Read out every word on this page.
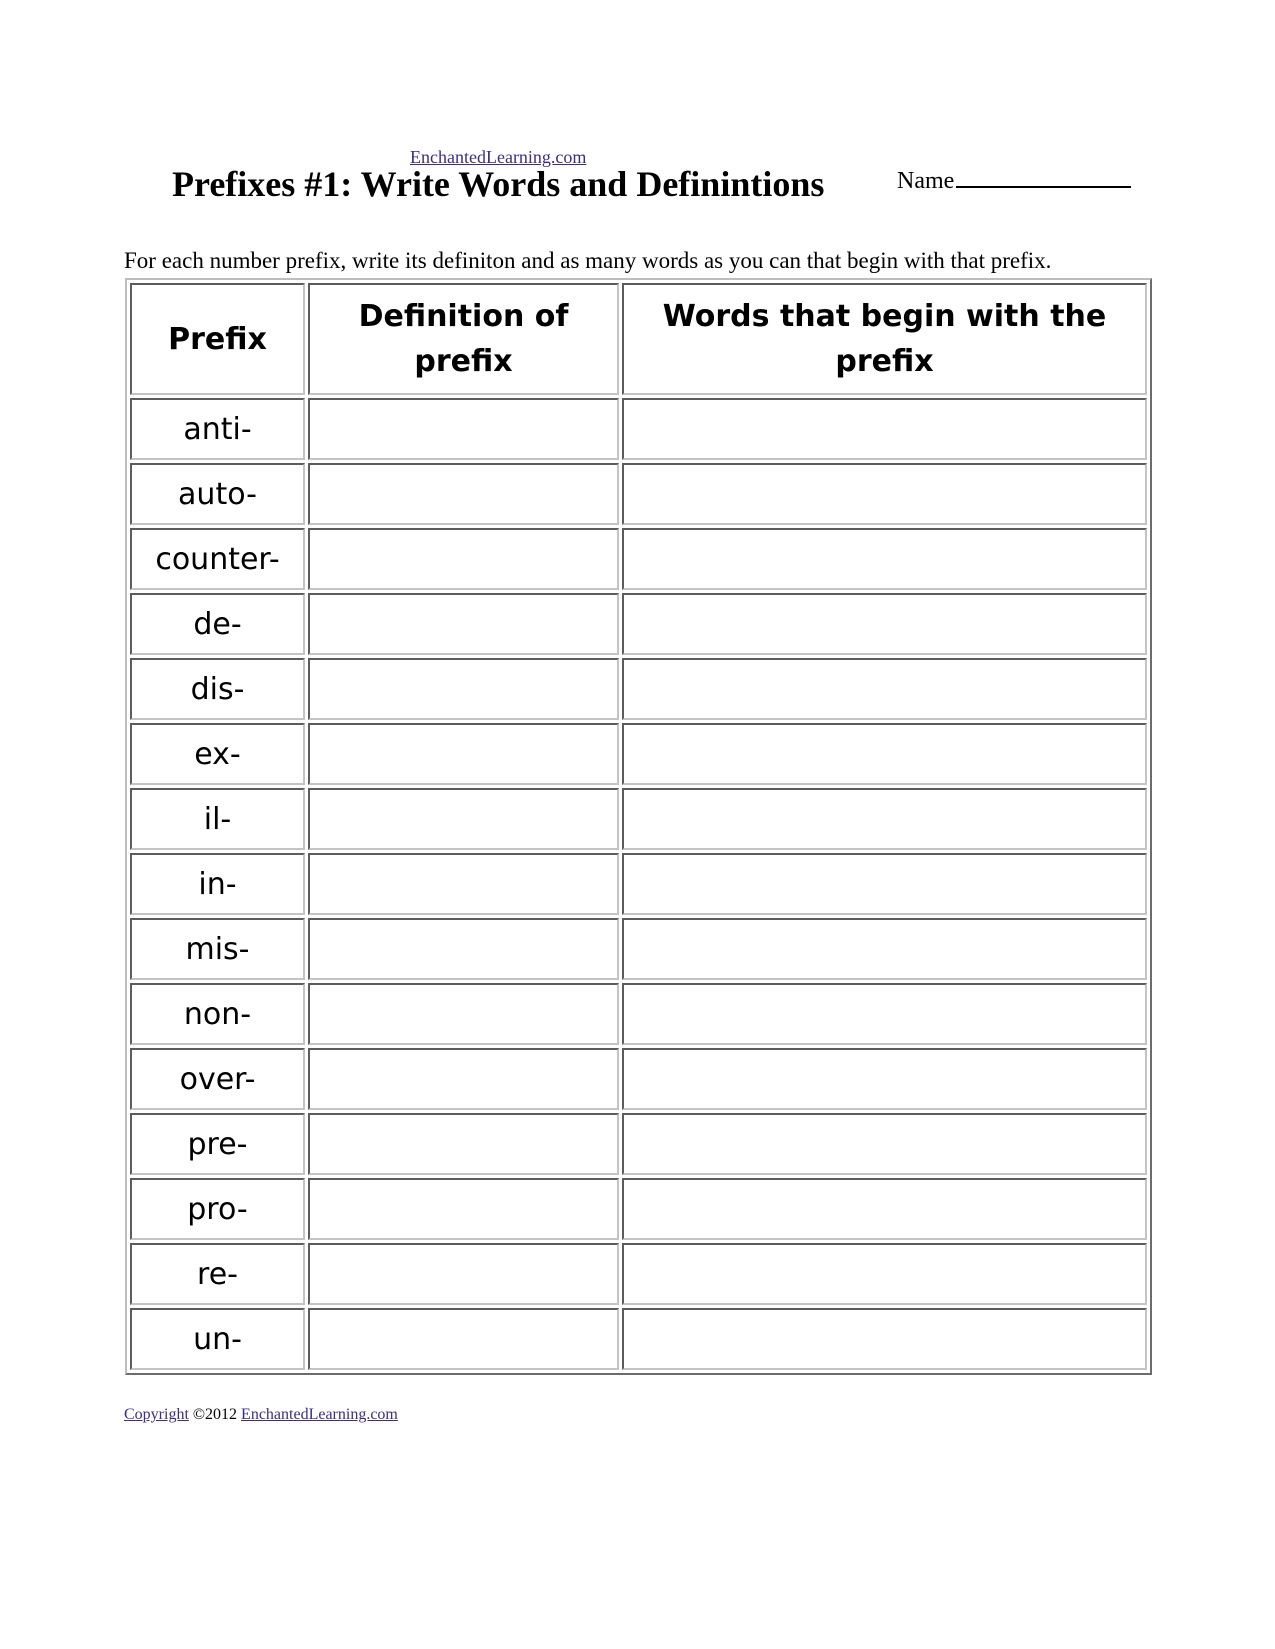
EnchantedLearning.com
Prefixes #1: Write Words and Definintions	Name

For each number prefix, write its definiton and as many words as you can that begin with that prefix.

Prefix	Definition of prefix	Words that begin with the prefix
anti-		
auto-		
counter-		
de-		
dis-		
ex-		
il-		
in-		
mis-		
non-		
over-		
pre-		
pro-		
re-		
un-		
Copyright ©2012 EnchantedLearning.com
